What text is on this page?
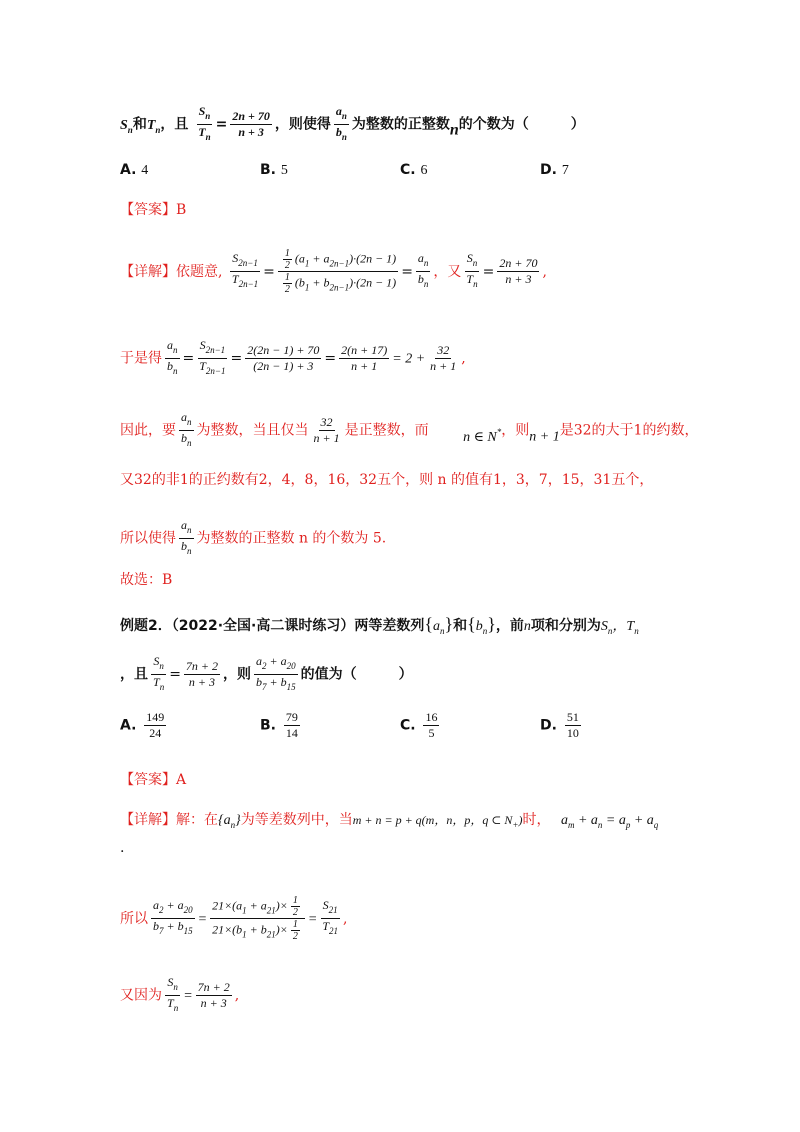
$S_n$和$T_n$，且 $\frac{S_n}{T_n} = \frac{2n + 70}{n + 3}$ ，则使得 $\frac{a_n}{b_n}$ 为整数的正整数n的个数为（　　　）
A. 4	B. 5	C. 6	D. 7
【答案】B
【详解】依题意, $\frac{S_{2n-1}}{T_{2n-1}} = \frac{\frac{1}{2} (a_1 + a_{2n-1})\cdot(2n - 1)}{\frac{1}{2} (b_1 + b_{2n-1})\cdot(2n - 1)} = \frac{a_n}{b_n}$ ，又 $\frac{S_n}{T_n} = \frac{2n + 70}{n + 3}$ ,
于是得 $\frac{a_n}{b_n} = \frac{S_{2n-1}}{T_{2n-1}} = \frac{2(2n - 1) + 70}{(2n - 1) + 3} = \frac{2(n + 17)}{n + 1} = 2 + \frac{32}{n + 1}$ ,
因此，要 $\frac{a_n}{b_n}$ 为整数，当且仅当 $\frac{32}{n + 1}$ 是正整数，而 n ∈ N*，则n + 1是32的大于1的约数，
又32的非1的正约数有2，4，8，16，32五个，则 n 的值有1，3，7，15，31五个，
所以使得 $\frac{a_n}{b_n}$ 为整数的正整数 n 的个数为 5.
故选：B
例题2．（2022·全国·高二课时练习）两等差数列$\{a_n\}$和$\{b_n\}$，前n项和分别为$S_n$，$T_n$
，且 $\frac{S_n}{T_n} = \frac{7n + 2}{n + 3}$ ，则 $\frac{a_2 + a_{20}}{b_7 + b_{15}}$ 的值为（　　　）
A. $\frac{149}{24}$	B. $\frac{79}{14}$	C. $\frac{16}{5}$	D. $\frac{51}{10}$
【答案】A
【详解】解：在$\{a_n\}$为等差数列中，当m + n = p + q(m，n，p，q ⊂ $N_+$)时， $a_m + a_n = a_p + a_q$
.
所以 $\frac{a_2 + a_{20}}{b_7 + b_{15}} = \frac{21\times(a_1 + a_{21})\times \frac{1}{2}}{21\times(b_1 + b_{21})\times \frac{1}{2}} = \frac{S_{21}}{T_{21}}$ ,
又因为 $\frac{S_n}{T_n} = \frac{7n + 2}{n + 3}$ ,
